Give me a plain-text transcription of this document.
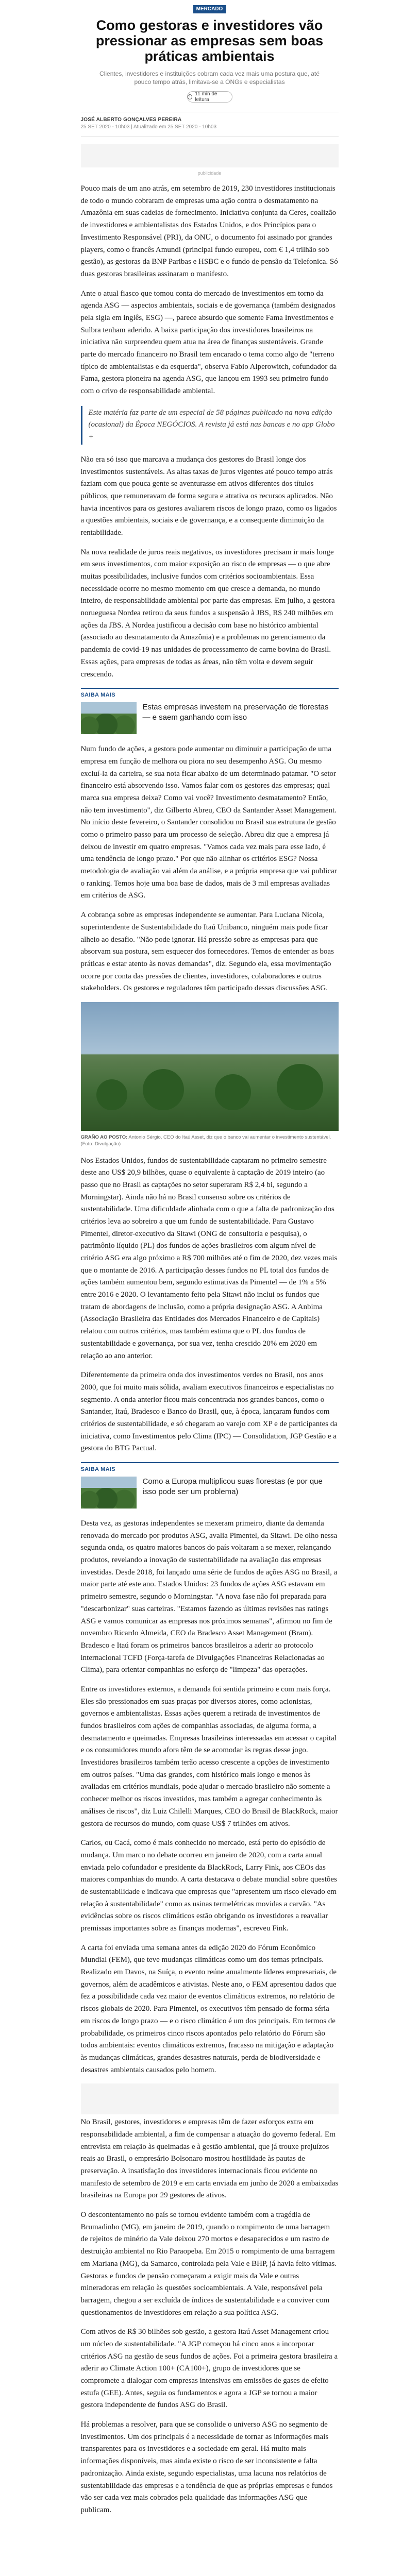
MERCADO
Como gestoras e investidores vão pressionar as empresas sem boas práticas ambientais
Clientes, investidores e instituições cobram cada vez mais uma postura que, até pouco tempo atrás, limitava-se a ONGs e especialistas
11 min de leitura
JOSÉ ALBERTO GONÇALVES PEREIRA
25 SET 2020 - 10h03 | Atualizado em 25 SET 2020 - 10h03
publicidade

Pouco mais de um ano atrás, em setembro de 2019, 230 investidores institucionais de todo o mundo cobraram de empresas uma ação contra o desmatamento na Amazônia em suas cadeias de fornecimento. Iniciativa conjunta da Ceres, coalizão de investidores e ambientalistas dos Estados Unidos, e dos Princípios para o Investimento Responsável (PRI), da ONU, o documento foi assinado por grandes players, como o francês Amundi (principal fundo europeu, com € 1,4 trilhão sob gestão), as gestoras da BNP Paribas e HSBC e o fundo de pensão da Telefonica. Só duas gestoras brasileiras assinaram o manifesto.

Ante o atual fiasco que tomou conta do mercado de investimentos em torno da agenda ASG — aspectos ambientais, sociais e de governança (também designados pela sigla em inglês, ESG) —, parece absurdo que somente Fama Investimentos e Sulbra tenham aderido. A baixa participação dos investidores brasileiros na iniciativa não surpreendeu quem atua na área de finanças sustentáveis. Grande parte do mercado financeiro no Brasil tem encarado o tema como algo de "terreno típico de ambientalistas e da esquerda", observa Fabio Alperowitch, cofundador da Fama, gestora pioneira na agenda ASG, que lançou em 1993 seu primeiro fundo com o crivo de responsabilidade ambiental.

Este matéria faz parte de um especial de 58 páginas publicado na nova edição (ocasional) da Época NEGÓCIOS. A revista já está nas bancas e no app Globo +

Não era só isso que marcava a mudança dos gestores do Brasil longe dos investimentos sustentáveis. As altas taxas de juros vigentes até pouco tempo atrás faziam com que pouca gente se aventurasse em ativos diferentes dos títulos públicos, que remuneravam de forma segura e atrativa os recursos aplicados. Não havia incentivos para os gestores avaliarem riscos de longo prazo, como os ligados a questões ambientais, sociais e de governança, e a consequente diminuição da rentabilidade.

Na nova realidade de juros reais negativos, os investidores precisam ir mais longe em seus investimentos, com maior exposição ao risco de empresas — o que abre muitas possibilidades, inclusive fundos com critérios socioambientais. Essa necessidade ocorre no mesmo momento em que cresce a demanda, no mundo inteiro, de responsabilidade ambiental por parte das empresas. Em julho, a gestora norueguesa Nordea retirou da seus fundos a suspensão à JBS, R$ 240 milhões em ações da JBS. A Nordea justificou a decisão com base no histórico ambiental (associado ao desmatamento da Amazônia) e a problemas no gerenciamento da pandemia de covid-19 nas unidades de processamento de carne bovina do Brasil. Essas ações, para empresas de todas as áreas, não têm volta e devem seguir crescendo.

SAIBA MAIS
Estas empresas investem na preservação de florestas — e saem ganhando com isso

Num fundo de ações, a gestora pode aumentar ou diminuir a participação de uma empresa em função de melhora ou piora no seu desempenho ASG. Ou mesmo excluí-la da carteira, se sua nota ficar abaixo de um determinado patamar. "O setor financeiro está absorvendo isso. Vamos falar com os gestores das empresas; qual marca sua empresa deixa? Como vai você? Investimento desmatamento? Então, não tem investimento", diz Gilberto Abreu, CEO da Santander Asset Management. No início deste fevereiro, o Santander consolidou no Brasil sua estrutura de gestão como o primeiro passo para um processo de seleção. Abreu diz que a empresa já deixou de investir em quatro empresas. "Vamos cada vez mais para esse lado, é uma tendência de longo prazo." Por que não alinhar os critérios ESG? Nossa metodologia de avaliação vai além da análise, e a própria empresa que vai publicar o ranking. Temos hoje uma boa base de dados, mais de 3 mil empresas avaliadas em critérios de ASG.

A cobrança sobre as empresas independente se aumentar. Para Luciana Nicola, superintendente de Sustentabilidade do Itaú Unibanco, ninguém mais pode ficar alheio ao desafio. "Não pode ignorar. Há pressão sobre as empresas para que absorvam sua postura, sem esquecer dos fornecedores. Temos de entender as boas práticas e estar atento às novas demandas", diz. Segundo ela, essa movimentação ocorre por conta das pressões de clientes, investidores, colaboradores e outros stakeholders. Os gestores e reguladores têm participado dessas discussões ASG.

GRAÑO AO POSTO: Antonio Sérgio, CEO do Itaú Asset, diz que o banco vai aumentar o investimento sustentável. (Foto: Divulgação)

Nos Estados Unidos, fundos de sustentabilidade captaram no primeiro semestre deste ano US$ 20,9 bilhões, quase o equivalente à captação de 2019 inteiro (ao passo que no Brasil as captações no setor superaram R$ 2,4 bi, segundo a Morningstar). Ainda não há no Brasil consenso sobre os critérios de sustentabilidade. Uma dificuldade alinhada com o que a falta de padronização dos critérios leva ao sobreiro a que um fundo de sustentabilidade. Para Gustavo Pimentel, diretor-executivo da Sitawi (ONG de consultoria e pesquisa), o patrimônio líquido (PL) dos fundos de ações brasileiros com algum nível de critério ASG era algo próximo a R$ 700 milhões até o fim de 2020, dez vezes mais que o montante de 2016. A participação desses fundos no PL total dos fundos de ações também aumentou bem, segundo estimativas da Pimentel — de 1% a 5% entre 2016 e 2020. O levantamento feito pela Sitawi não inclui os fundos que tratam de abordagens de inclusão, como a própria designação ASG. A Anbima (Associação Brasileira das Entidades dos Mercados Financeiro e de Capitais) relatou com outros critérios, mas também estima que o PL dos fundos de sustentabilidade e governança, por sua vez, tenha crescido 20% em 2020 em relação ao ano anterior.

Diferentemente da primeira onda dos investimentos verdes no Brasil, nos anos 2000, que foi muito mais sólida, avaliam executivos financeiros e especialistas no segmento. A onda anterior ficou mais concentrada nos grandes bancos, como o Santander, Itaú, Bradesco e Banco do Brasil, que, à época, lançaram fundos com critérios de sustentabilidade, e só chegaram ao varejo com XP e de participantes da iniciativa, como Investimentos pelo Clima (IPC) — Consolidation, JGP Gestão e a gestora do BTG Pactual.

SAIBA MAIS
Como a Europa multiplicou suas florestas (e por que isso pode ser um problema)

Desta vez, as gestoras independentes se mexeram primeiro, diante da demanda renovada do mercado por produtos ASG, avalia Pimentel, da Sitawi. De olho nessa segunda onda, os quatro maiores bancos do país voltaram a se mexer, relançando produtos, revelando a inovação de sustentabilidade na avaliação das empresas investidas. Desde 2018, foi lançado uma série de fundos de ações ASG no Brasil, a maior parte até este ano. Estados Unidos: 23 fundos de ações ASG estavam em primeiro semestre, segundo o Morningstar. "A nova fase não foi preparada para "descarbonizar" suas carteiras. "Estamos fazendo as últimas revisões nas ratings ASG e vamos comunicar as empresas nos próximos semanas", afirmou no fim de novembro Ricardo Almeida, CEO da Bradesco Asset Management (Bram). Bradesco e Itaú foram os primeiros bancos brasileiros a aderir ao protocolo internacional TCFD (Força-tarefa de Divulgações Financeiras Relacionadas ao Clima), para orientar companhias no esforço de "limpeza" das operações.

Entre os investidores externos, a demanda foi sentida primeiro e com mais força. Eles são pressionados em suas praças por diversos atores, como acionistas, governos e ambientalistas. Essas ações querem a retirada de investimentos de fundos brasileiros com ações de companhias associadas, de alguma forma, a desmatamento e queimadas. Empresas brasileiras interessadas em acessar o capital e os consumidores mundo afora têm de se acomodar às regras desse jogo. Investidores brasileiros também terão acesso crescente a opções de investimento em outros países. "Uma das grandes, com histórico mais longo e menos às avaliadas em critérios mundiais, pode ajudar o mercado brasileiro não somente a conhecer melhor os riscos investidos, mas também a agregar conhecimento às análises de riscos", diz Luiz Chilelli Marques, CEO do Brasil de BlackRock, maior gestora de recursos do mundo, com quase US$ 7 trilhões em ativos.

Carlos, ou Cacá, como é mais conhecido no mercado, está perto do episódio de mudança. Um marco no debate ocorreu em janeiro de 2020, com a carta anual enviada pelo cofundador e presidente da BlackRock, Larry Fink, aos CEOs das maiores companhias do mundo. A carta destacava o debate mundial sobre questões de sustentabilidade e indicava que empresas que "apresentem um risco elevado em relação à sustentabilidade" como as usinas termelétricas movidas a carvão. "As evidências sobre os riscos climáticos estão obrigando os investidores a reavaliar premissas importantes sobre as finanças modernas", escreveu Fink.

A carta foi enviada uma semana antes da edição 2020 do Fórum Econômico Mundial (FEM), que teve mudanças climáticas como um dos temas principais. Realizado em Davos, na Suíça, o evento reúne anualmente líderes empresariais, de governos, além de acadêmicos e ativistas. Neste ano, o FEM apresentou dados que fez a possibilidade cada vez maior de eventos climáticos extremos, no relatório de riscos globais de 2020. Para Pimentel, os executivos têm pensado de forma séria em riscos de longo prazo — e o risco climático é um dos principais. Em termos de probabilidade, os primeiros cinco riscos apontados pelo relatório do Fórum são todos ambientais: eventos climáticos extremos, fracasso na mitigação e adaptação às mudanças climáticas, grandes desastres naturais, perda de biodiversidade e desastres ambientais causados pelo homem.

No Brasil, gestores, investidores e empresas têm de fazer esforços extra em responsabilidade ambiental, a fim de compensar a atuação do governo federal. Em entrevista em relação às queimadas e à gestão ambiental, que já trouxe prejuízos reais ao Brasil, o empresário Bolsonaro mostrou hostilidade às pautas de preservação. A insatisfação dos investidores internacionais ficou evidente no manifesto de setembro de 2019 e em carta enviada em junho de 2020 a embaixadas brasileiras na Europa por 29 gestores de ativos.

O descontentamento no país se tornou evidente também com a tragédia de Brumadinho (MG), em janeiro de 2019, quando o rompimento de uma barragem de rejeitos de minério da Vale deixou 270 mortos e desaparecidos e um rastro de destruição ambiental no Rio Paraopeba. Em 2015 o rompimento de uma barragem em Mariana (MG), da Samarco, controlada pela Vale e BHP, já havia feito vítimas. Gestoras e fundos de pensão começaram a exigir mais da Vale e outras mineradoras em relação às questões socioambientais. A Vale, responsável pela barragem, chegou a ser excluída de índices de sustentabilidade e a conviver com questionamentos de investidores em relação a sua política ASG.

Com ativos de R$ 30 bilhões sob gestão, a gestora Itaú Asset Management criou um núcleo de sustentabilidade. "A JGP começou há cinco anos a incorporar critérios ASG na gestão de seus fundos de ações. Foi a primeira gestora brasileira a aderir ao Climate Action 100+ (CA100+), grupo de investidores que se compromete a dialogar com empresas intensivas em emissões de gases de efeito estufa (GEE). Antes, seguia os fundamentos e agora a JGP se tornou a maior gestora independente de fundos ASG do Brasil.

Há problemas a resolver, para que se consolide o universo ASG no segmento de investimentos. Um dos principais é a necessidade de tornar as informações mais transparentes para os investidores e a sociedade em geral. Há muito mais informações disponíveis, mas ainda existe o risco de ser inconsistente e falta padronização. Ainda existe, segundo especialistas, uma lacuna nos relatórios de sustentabilidade das empresas e a tendência de que as próprias empresas e fundos vão ser cada vez mais cobrados pela qualidade das informações ASG que publicam.
